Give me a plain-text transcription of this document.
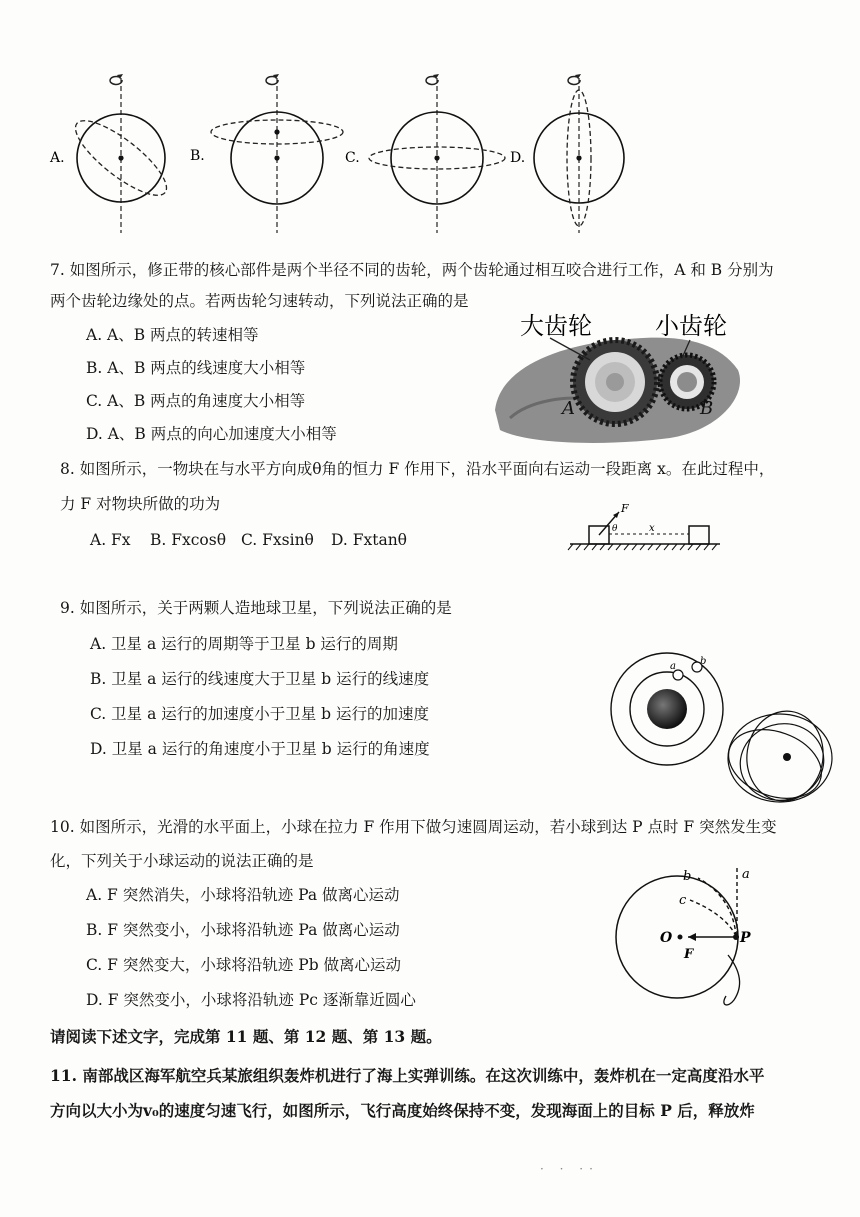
A.	B.	C.	D.
7. 如图所示，修正带的核心部件是两个半径不同的齿轮，两个齿轮通过相互咬合进行工作，A 和 B 分别为
两个齿轮边缘处的点。若两齿轮匀速转动，下列说法正确的是
A. A、B 两点的转速相等
B. A、B 两点的线速度大小相等
C. A、B 两点的角速度大小相等
D. A、B 两点的向心加速度大小相等
大齿轮	小齿轮
A	B
8. 如图所示，一物块在与水平方向成θ角的恒力 F 作用下，沿水平面向右运动一段距离 x。在此过程中，
力 F 对物块所做的功为
A. Fx B. Fxcosθ C. Fxsinθ D. Fxtanθ
F
θ	x
9. 如图所示，关于两颗人造地球卫星，下列说法正确的是
A. 卫星 a 运行的周期等于卫星 b 运行的周期
B. 卫星 a 运行的线速度大于卫星 b 运行的线速度
C. 卫星 a 运行的加速度小于卫星 b 运行的加速度
D. 卫星 a 运行的角速度小于卫星 b 运行的角速度
a b
10. 如图所示，光滑的水平面上，小球在拉力 F 作用下做匀速圆周运动，若小球到达 P 点时 F 突然发生变
化，下列关于小球运动的说法正确的是
A. F 突然消失，小球将沿轨迹 Pa 做离心运动
B. F 突然变小，小球将沿轨迹 Pa 做离心运动
C. F 突然变大，小球将沿轨迹 Pb 做离心运动
D. F 突然变小，小球将沿轨迹 Pc 逐渐靠近圆心
O	P
F
a
b
c
请阅读下述文字，完成第 11 题、第 12 题、第 13 题。
11. 南部战区海军航空兵某旅组织轰炸机进行了海上实弹训练。在这次训练中，轰炸机在一定高度沿水平
方向以大小为v₀的速度匀速飞行，如图所示，飞行高度始终保持不变，发现海面上的目标 P 后，释放炸
· · ··
